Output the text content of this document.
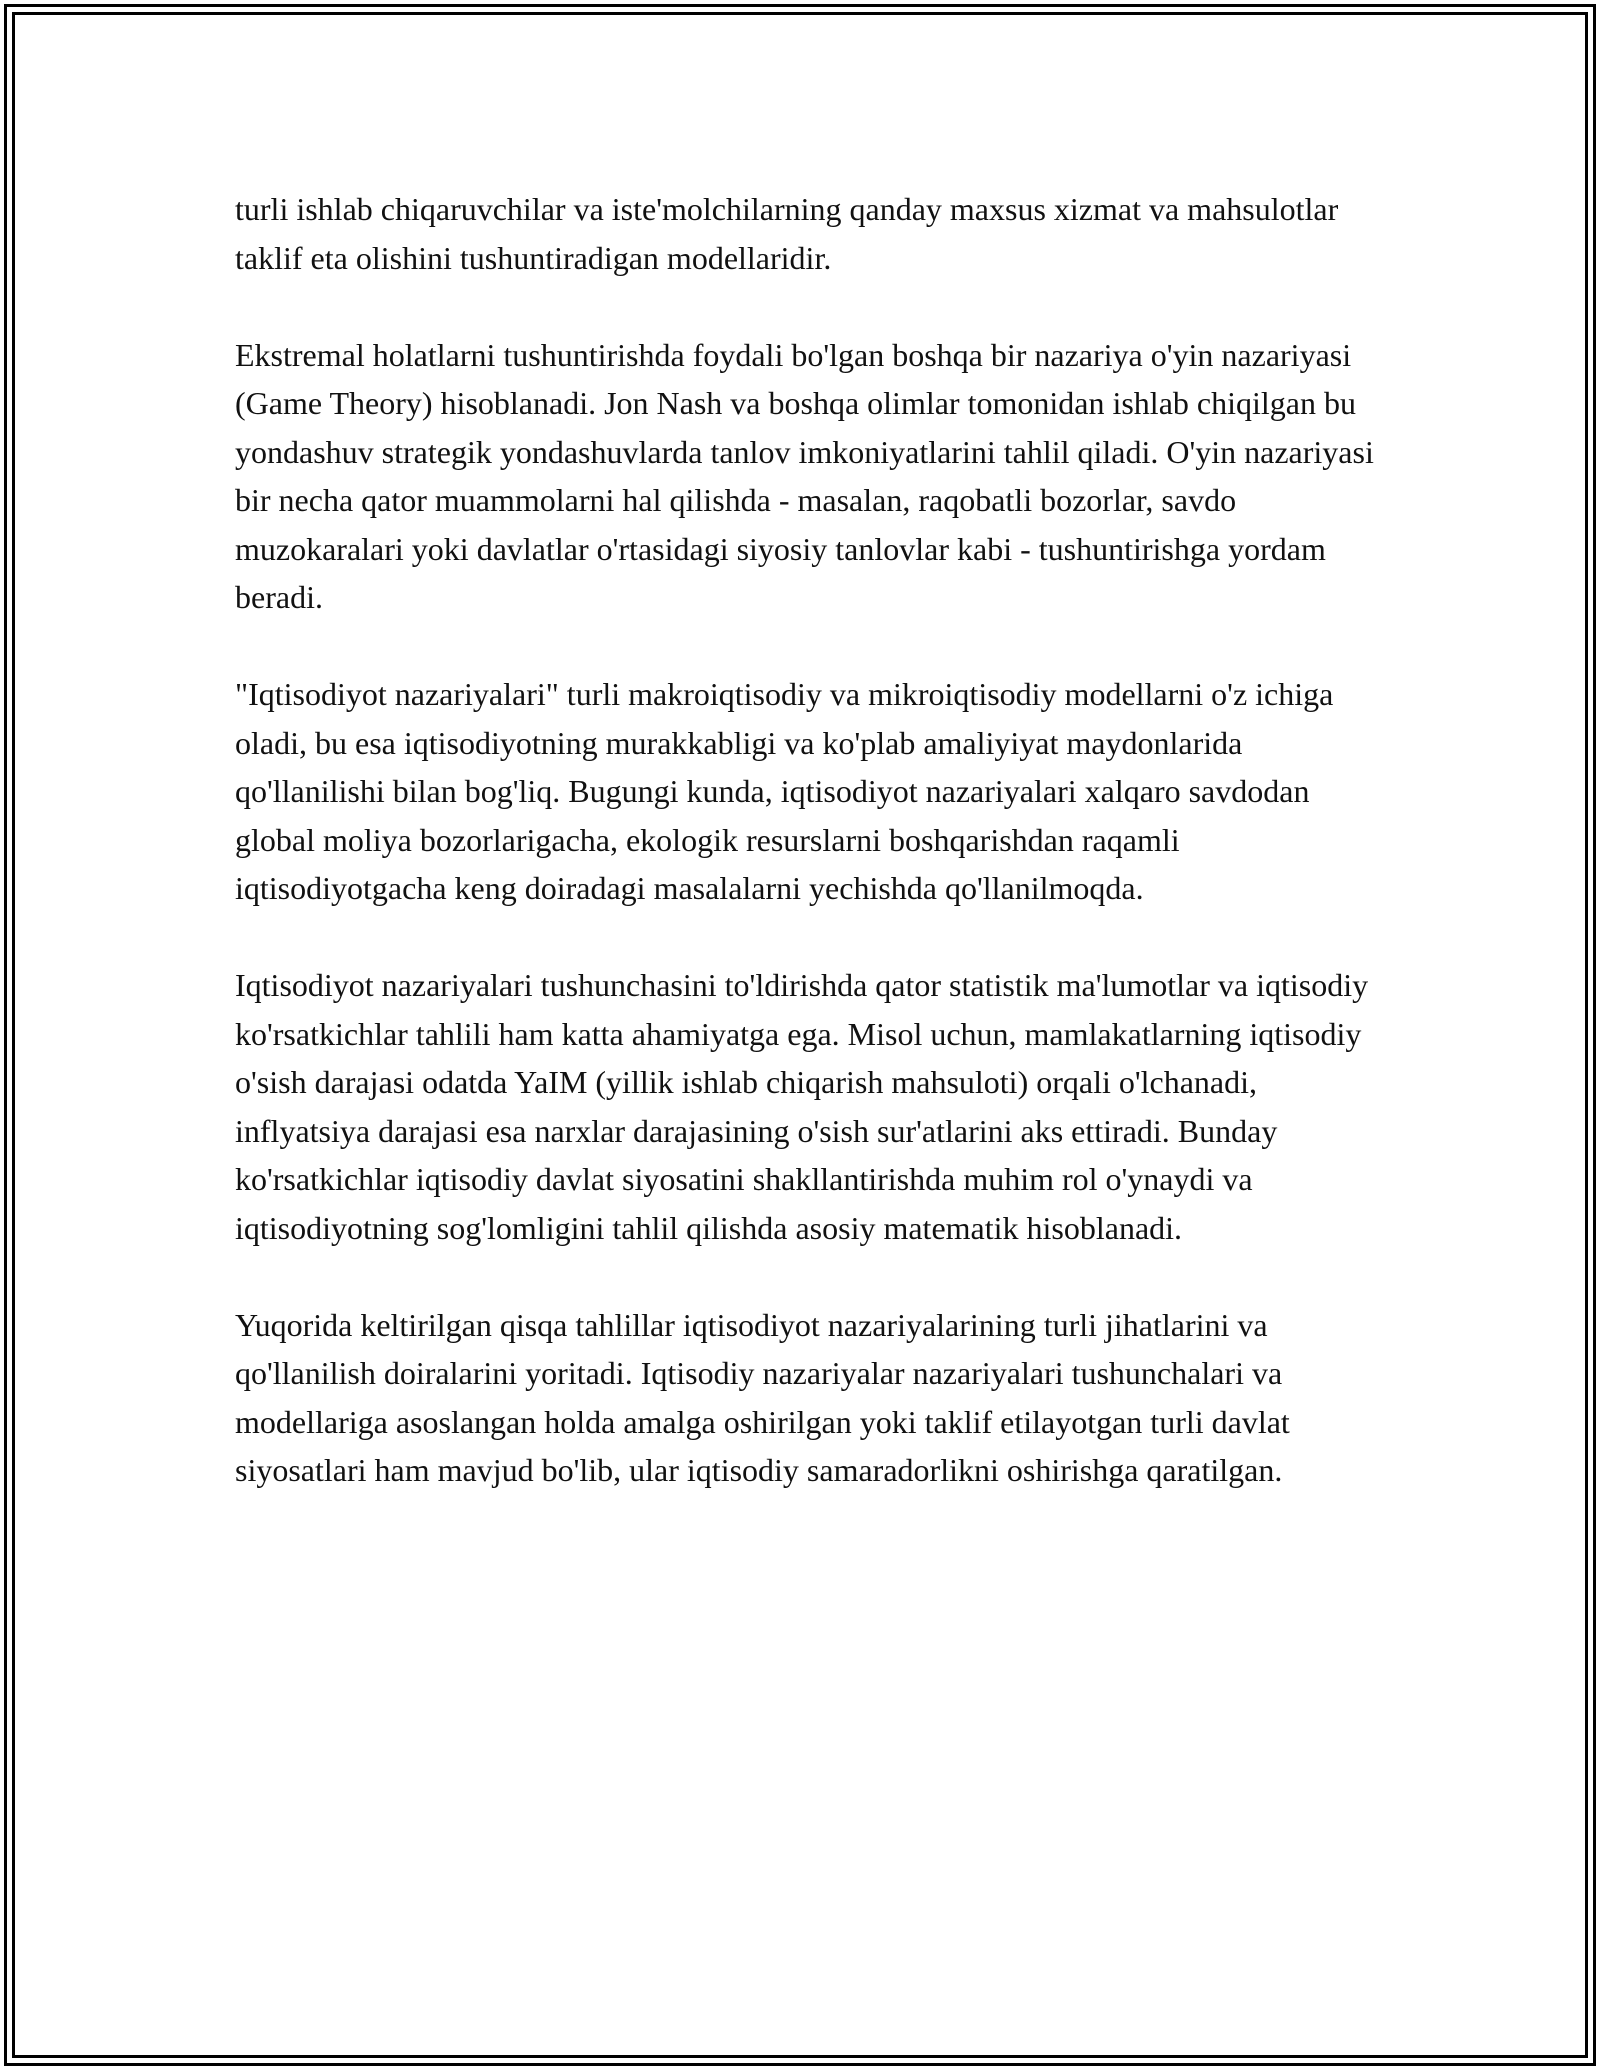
turli ishlab chiqaruvchilar va iste'molchilarning qanday maxsus xizmat va mahsulotlar taklif eta olishini tushuntiradigan modellaridir.

Ekstremal holatlarni tushuntirishda foydali bo'lgan boshqa bir nazariya o'yin nazariyasi (Game Theory) hisoblanadi. Jon Nash va boshqa olimlar tomonidan ishlab chiqilgan bu yondashuv strategik yondashuvlarda tanlov imkoniyatlarini tahlil qiladi. O'yin nazariyasi bir necha qator muammolarni hal qilishda - masalan, raqobatli bozorlar, savdo muzokaralari yoki davlatlar o'rtasidagi siyosiy tanlovlar kabi - tushuntirishga yordam beradi.

"Iqtisodiyot nazariyalari" turli makroiqtisodiy va mikroiqtisodiy modellarni o'z ichiga oladi, bu esa iqtisodiyotning murakkabligi va ko'plab amaliyiyat maydonlarida qo'llanilishi bilan bog'liq. Bugungi kunda, iqtisodiyot nazariyalari xalqaro savdodan global moliya bozorlarigacha, ekologik resurslarni boshqarishdan raqamli iqtisodiyotgacha keng doiradagi masalalarni yechishda qo'llanilmoqda.

Iqtisodiyot nazariyalari tushunchasini to'ldirishda qator statistik ma'lumotlar va iqtisodiy ko'rsatkichlar tahlili ham katta ahamiyatga ega. Misol uchun, mamlakatlarning iqtisodiy o'sish darajasi odatda YaIM (yillik ishlab chiqarish mahsuloti) orqali o'lchanadi, inflyatsiya darajasi esa narxlar darajasining o'sish sur'atlarini aks ettiradi. Bunday ko'rsatkichlar iqtisodiy davlat siyosatini shakllantirishda muhim rol o'ynaydi va iqtisodiyotning sog'lomligini tahlil qilishda asosiy matematik hisoblanadi.

Yuqorida keltirilgan qisqa tahlillar iqtisodiyot nazariyalarining turli jihatlarini va qo'llanilish doiralarini yoritadi. Iqtisodiy nazariyalar nazariyalari tushunchalari va modellariga asoslangan holda amalga oshirilgan yoki taklif etilayotgan turli davlat siyosatlari ham mavjud bo'lib, ular iqtisodiy samaradorlikni oshirishga qaratilgan.
